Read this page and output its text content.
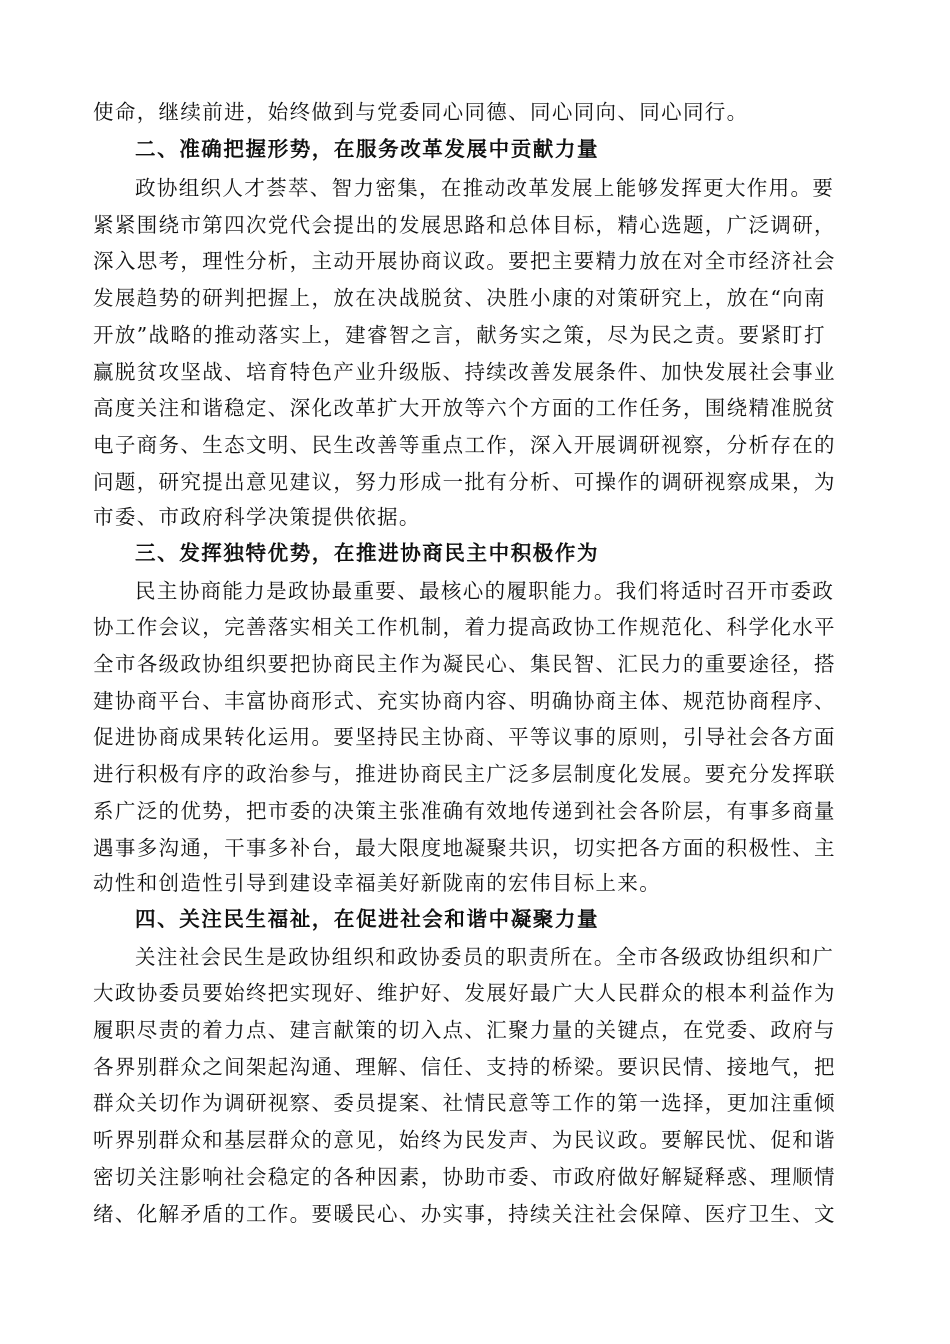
使命，继续前进，始终做到与党委同心同德、同心同向、同心同行。
二、准确把握形势，在服务改革发展中贡献力量
政协组织人才荟萃、智力密集，在推动改革发展上能够发挥更大作用。要
紧紧围绕市第四次党代会提出的发展思路和总体目标，精心选题，广泛调研，
深入思考，理性分析，主动开展协商议政。要把主要精力放在对全市经济社会
发展趋势的研判把握上，放在决战脱贫、决胜小康的对策研究上，放在“向南
开放”战略的推动落实上，建睿智之言，献务实之策，尽为民之责。要紧盯打
赢脱贫攻坚战、培育特色产业升级版、持续改善发展条件、加快发展社会事业
高度关注和谐稳定、深化改革扩大开放等六个方面的工作任务，围绕精准脱贫
电子商务、生态文明、民生改善等重点工作，深入开展调研视察，分析存在的
问题，研究提出意见建议，努力形成一批有分析、可操作的调研视察成果，为
市委、市政府科学决策提供依据。
三、发挥独特优势，在推进协商民主中积极作为
民主协商能力是政协最重要、最核心的履职能力。我们将适时召开市委政
协工作会议，完善落实相关工作机制，着力提高政协工作规范化、科学化水平
全市各级政协组织要把协商民主作为凝民心、集民智、汇民力的重要途径，搭
建协商平台、丰富协商形式、充实协商内容、明确协商主体、规范协商程序、
促进协商成果转化运用。要坚持民主协商、平等议事的原则，引导社会各方面
进行积极有序的政治参与，推进协商民主广泛多层制度化发展。要充分发挥联
系广泛的优势，把市委的决策主张准确有效地传递到社会各阶层，有事多商量
遇事多沟通，干事多补台，最大限度地凝聚共识，切实把各方面的积极性、主
动性和创造性引导到建设幸福美好新陇南的宏伟目标上来。
四、关注民生福祉，在促进社会和谐中凝聚力量
关注社会民生是政协组织和政协委员的职责所在。全市各级政协组织和广
大政协委员要始终把实现好、维护好、发展好最广大人民群众的根本利益作为
履职尽责的着力点、建言献策的切入点、汇聚力量的关键点，在党委、政府与
各界别群众之间架起沟通、理解、信任、支持的桥梁。要识民情、接地气，把
群众关切作为调研视察、委员提案、社情民意等工作的第一选择，更加注重倾
听界别群众和基层群众的意见，始终为民发声、为民议政。要解民忧、促和谐
密切关注影响社会稳定的各种因素，协助市委、市政府做好解疑释惑、理顺情
绪、化解矛盾的工作。要暖民心、办实事，持续关注社会保障、医疗卫生、文
